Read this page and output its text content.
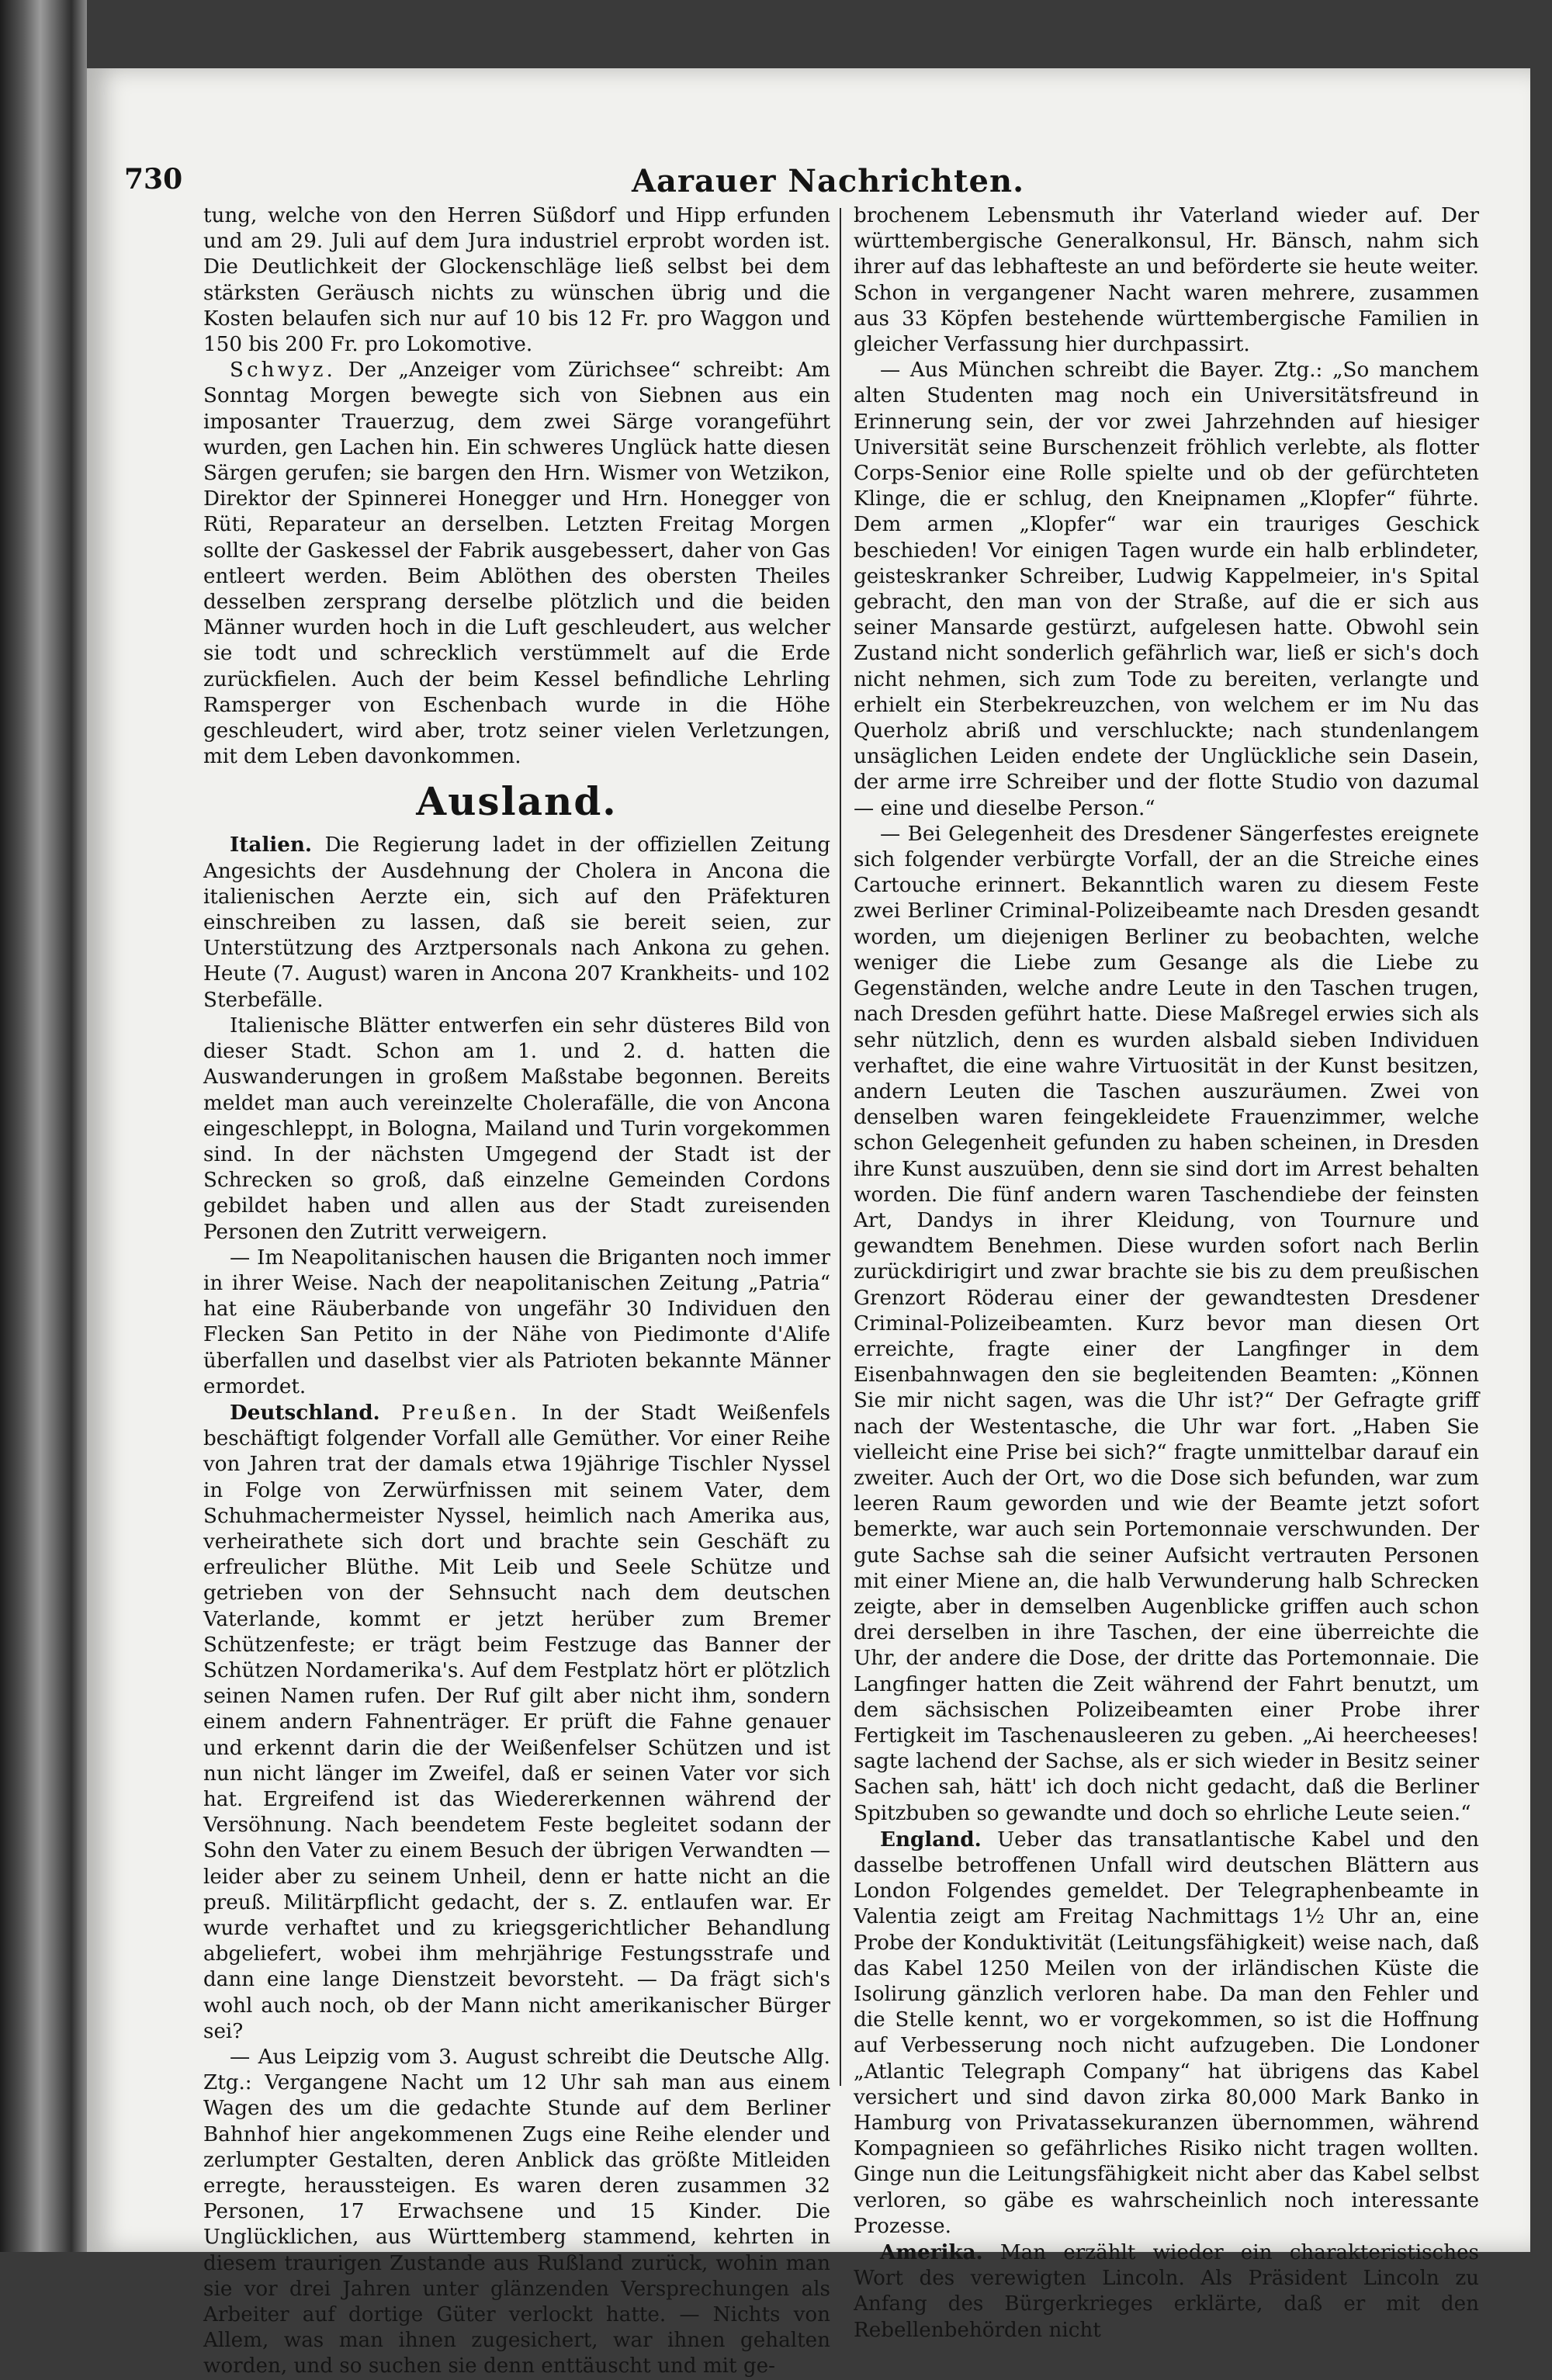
730	Aarauer Nachrichten.

tung, welche von den Herren Süßdorf und Hipp erfunden und am 29. Juli auf dem Jura industriel erprobt worden ist. Die Deutlichkeit der Glockenschläge ließ selbst bei dem stärksten Geräusch nichts zu wünschen übrig und die Kosten belaufen sich nur auf 10 bis 12 Fr. pro Waggon und 150 bis 200 Fr. pro Lokomotive.

Schwyz. Der „Anzeiger vom Zürichsee“ schreibt: Am Sonntag Morgen bewegte sich von Siebnen aus ein imposanter Trauerzug, dem zwei Särge vorangeführt wurden, gen Lachen hin. Ein schweres Unglück hatte diesen Särgen gerufen; sie bargen den Hrn. Wismer von Wetzikon, Direktor der Spinnerei Honegger und Hrn. Honegger von Rüti, Reparateur an derselben. Letzten Freitag Morgen sollte der Gaskessel der Fabrik ausgebessert, daher von Gas entleert werden. Beim Ablöthen des obersten Theiles desselben zersprang derselbe plötzlich und die beiden Männer wurden hoch in die Luft geschleudert, aus welcher sie todt und schrecklich verstümmelt auf die Erde zurückfielen. Auch der beim Kessel befindliche Lehrling Ramsperger von Eschenbach wurde in die Höhe geschleudert, wird aber, trotz seiner vielen Verletzungen, mit dem Leben davonkommen.

Ausland.

Italien. Die Regierung ladet in der offiziellen Zeitung Angesichts der Ausdehnung der Cholera in Ancona die italienischen Aerzte ein, sich auf den Präfekturen einschreiben zu lassen, daß sie bereit seien, zur Unterstützung des Arztpersonals nach Ankona zu gehen. Heute (7. August) waren in Ancona 207 Krankheits- und 102 Sterbefälle.

Italienische Blätter entwerfen ein sehr düsteres Bild von dieser Stadt. Schon am 1. und 2. d. hatten die Auswanderungen in großem Maßstabe begonnen. Bereits meldet man auch vereinzelte Cholerafälle, die von Ancona eingeschleppt, in Bologna, Mailand und Turin vorgekommen sind. In der nächsten Umgegend der Stadt ist der Schrecken so groß, daß einzelne Gemeinden Cordons gebildet haben und allen aus der Stadt zureisenden Personen den Zutritt verweigern.

— Im Neapolitanischen hausen die Briganten noch immer in ihrer Weise. Nach der neapolitanischen Zeitung „Patria“ hat eine Räuberbande von ungefähr 30 Individuen den Flecken San Petito in der Nähe von Piedimonte d'Alife überfallen und daselbst vier als Patrioten bekannte Männer ermordet.

Deutschland. Preußen. In der Stadt Weißenfels beschäftigt folgender Vorfall alle Gemüther. Vor einer Reihe von Jahren trat der damals etwa 19jährige Tischler Nyssel in Folge von Zerwürfnissen mit seinem Vater, dem Schuhmachermeister Nyssel, heimlich nach Amerika aus, verheirathete sich dort und brachte sein Geschäft zu erfreulicher Blüthe. Mit Leib und Seele Schütze und getrieben von der Sehnsucht nach dem deutschen Vaterlande, kommt er jetzt herüber zum Bremer Schützenfeste; er trägt beim Festzuge das Banner der Schützen Nordamerika's. Auf dem Festplatz hört er plötzlich seinen Namen rufen. Der Ruf gilt aber nicht ihm, sondern einem andern Fahnenträger. Er prüft die Fahne genauer und erkennt darin die der Weißenfelser Schützen und ist nun nicht länger im Zweifel, daß er seinen Vater vor sich hat. Ergreifend ist das Wiedererkennen während der Versöhnung. Nach beendetem Feste begleitet sodann der Sohn den Vater zu einem Besuch der übrigen Verwandten — leider aber zu seinem Unheil, denn er hatte nicht an die preuß. Militärpflicht gedacht, der s. Z. entlaufen war. Er wurde verhaftet und zu kriegsgerichtlicher Behandlung abgeliefert, wobei ihm mehrjährige Festungsstrafe und dann eine lange Dienstzeit bevorsteht. — Da frägt sich's wohl auch noch, ob der Mann nicht amerikanischer Bürger sei?

— Aus Leipzig vom 3. August schreibt die Deutsche Allg. Ztg.: Vergangene Nacht um 12 Uhr sah man aus einem Wagen des um die gedachte Stunde auf dem Berliner Bahnhof hier angekommenen Zugs eine Reihe elender und zerlumpter Gestalten, deren Anblick das größte Mitleiden erregte, heraussteigen. Es waren deren zusammen 32 Personen, 17 Erwachsene und 15 Kinder. Die Unglücklichen, aus Württemberg stammend, kehrten in diesem traurigen Zustande aus Rußland zurück, wohin man sie vor drei Jahren unter glänzenden Versprechungen als Arbeiter auf dortige Güter verlockt hatte. — Nichts von Allem, was man ihnen zugesichert, war ihnen gehalten worden, und so suchen sie denn enttäuscht und mit ge-

brochenem Lebensmuth ihr Vaterland wieder auf. Der württembergische Generalkonsul, Hr. Bänsch, nahm sich ihrer auf das lebhafteste an und beförderte sie heute weiter. Schon in vergangener Nacht waren mehrere, zusammen aus 33 Köpfen bestehende württembergische Familien in gleicher Verfassung hier durchpassirt.

— Aus München schreibt die Bayer. Ztg.: „So manchem alten Studenten mag noch ein Universitätsfreund in Erinnerung sein, der vor zwei Jahrzehnden auf hiesiger Universität seine Burschenzeit fröhlich verlebte, als flotter Corps-Senior eine Rolle spielte und ob der gefürchteten Klinge, die er schlug, den Kneipnamen „Klopfer“ führte. Dem armen „Klopfer“ war ein trauriges Geschick beschieden! Vor einigen Tagen wurde ein halb erblindeter, geisteskranker Schreiber, Ludwig Kappelmeier, in's Spital gebracht, den man von der Straße, auf die er sich aus seiner Mansarde gestürzt, aufgelesen hatte. Obwohl sein Zustand nicht sonderlich gefährlich war, ließ er sich's doch nicht nehmen, sich zum Tode zu bereiten, verlangte und erhielt ein Sterbekreuzchen, von welchem er im Nu das Querholz abriß und verschluckte; nach stundenlangem unsäglichen Leiden endete der Unglückliche sein Dasein, der arme irre Schreiber und der flotte Studio von dazumal — eine und dieselbe Person.“

— Bei Gelegenheit des Dresdener Sängerfestes ereignete sich folgender verbürgte Vorfall, der an die Streiche eines Cartouche erinnert. Bekanntlich waren zu diesem Feste zwei Berliner Criminal-Polizeibeamte nach Dresden gesandt worden, um diejenigen Berliner zu beobachten, welche weniger die Liebe zum Gesange als die Liebe zu Gegenständen, welche andre Leute in den Taschen trugen, nach Dresden geführt hatte. Diese Maßregel erwies sich als sehr nützlich, denn es wurden alsbald sieben Individuen verhaftet, die eine wahre Virtuosität in der Kunst besitzen, andern Leuten die Taschen auszuräumen. Zwei von denselben waren feingekleidete Frauenzimmer, welche schon Gelegenheit gefunden zu haben scheinen, in Dresden ihre Kunst auszuüben, denn sie sind dort im Arrest behalten worden. Die fünf andern waren Taschendiebe der feinsten Art, Dandys in ihrer Kleidung, von Tournure und gewandtem Benehmen. Diese wurden sofort nach Berlin zurückdirigirt und zwar brachte sie bis zu dem preußischen Grenzort Röderau einer der gewandtesten Dresdener Criminal-Polizeibeamten. Kurz bevor man diesen Ort erreichte, fragte einer der Langfinger in dem Eisenbahnwagen den sie begleitenden Beamten: „Können Sie mir nicht sagen, was die Uhr ist?“ Der Gefragte griff nach der Westentasche, die Uhr war fort. „Haben Sie vielleicht eine Prise bei sich?“ fragte unmittelbar darauf ein zweiter. Auch der Ort, wo die Dose sich befunden, war zum leeren Raum geworden und wie der Beamte jetzt sofort bemerkte, war auch sein Portemonnaie verschwunden. Der gute Sachse sah die seiner Aufsicht vertrauten Personen mit einer Miene an, die halb Verwunderung halb Schrecken zeigte, aber in demselben Augenblicke griffen auch schon drei derselben in ihre Taschen, der eine überreichte die Uhr, der andere die Dose, der dritte das Portemonnaie. Die Langfinger hatten die Zeit während der Fahrt benutzt, um dem sächsischen Polizeibeamten einer Probe ihrer Fertigkeit im Taschenausleeren zu geben. „Ai heercheeses! sagte lachend der Sachse, als er sich wieder in Besitz seiner Sachen sah, hätt' ich doch nicht gedacht, daß die Berliner Spitzbuben so gewandte und doch so ehrliche Leute seien.“

England. Ueber das transatlantische Kabel und den dasselbe betroffenen Unfall wird deutschen Blättern aus London Folgendes gemeldet. Der Telegraphenbeamte in Valentia zeigt am Freitag Nachmittags 1½ Uhr an, eine Probe der Konduktivität (Leitungsfähigkeit) weise nach, daß das Kabel 1250 Meilen von der irländischen Küste die Isolirung gänzlich verloren habe. Da man den Fehler und die Stelle kennt, wo er vorgekommen, so ist die Hoffnung auf Verbesserung noch nicht aufzugeben. Die Londoner „Atlantic Telegraph Company“ hat übrigens das Kabel versichert und sind davon zirka 80,000 Mark Banko in Hamburg von Privatassekuranzen übernommen, während Kompagnieen so gefährliches Risiko nicht tragen wollten. Ginge nun die Leitungsfähigkeit nicht aber das Kabel selbst verloren, so gäbe es wahrscheinlich noch interessante Prozesse.

Amerika. Man erzählt wieder ein charakteristisches Wort des verewigten Lincoln. Als Präsident Lincoln zu Anfang des Bürgerkrieges erklärte, daß er mit den Rebellenbehörden nicht
